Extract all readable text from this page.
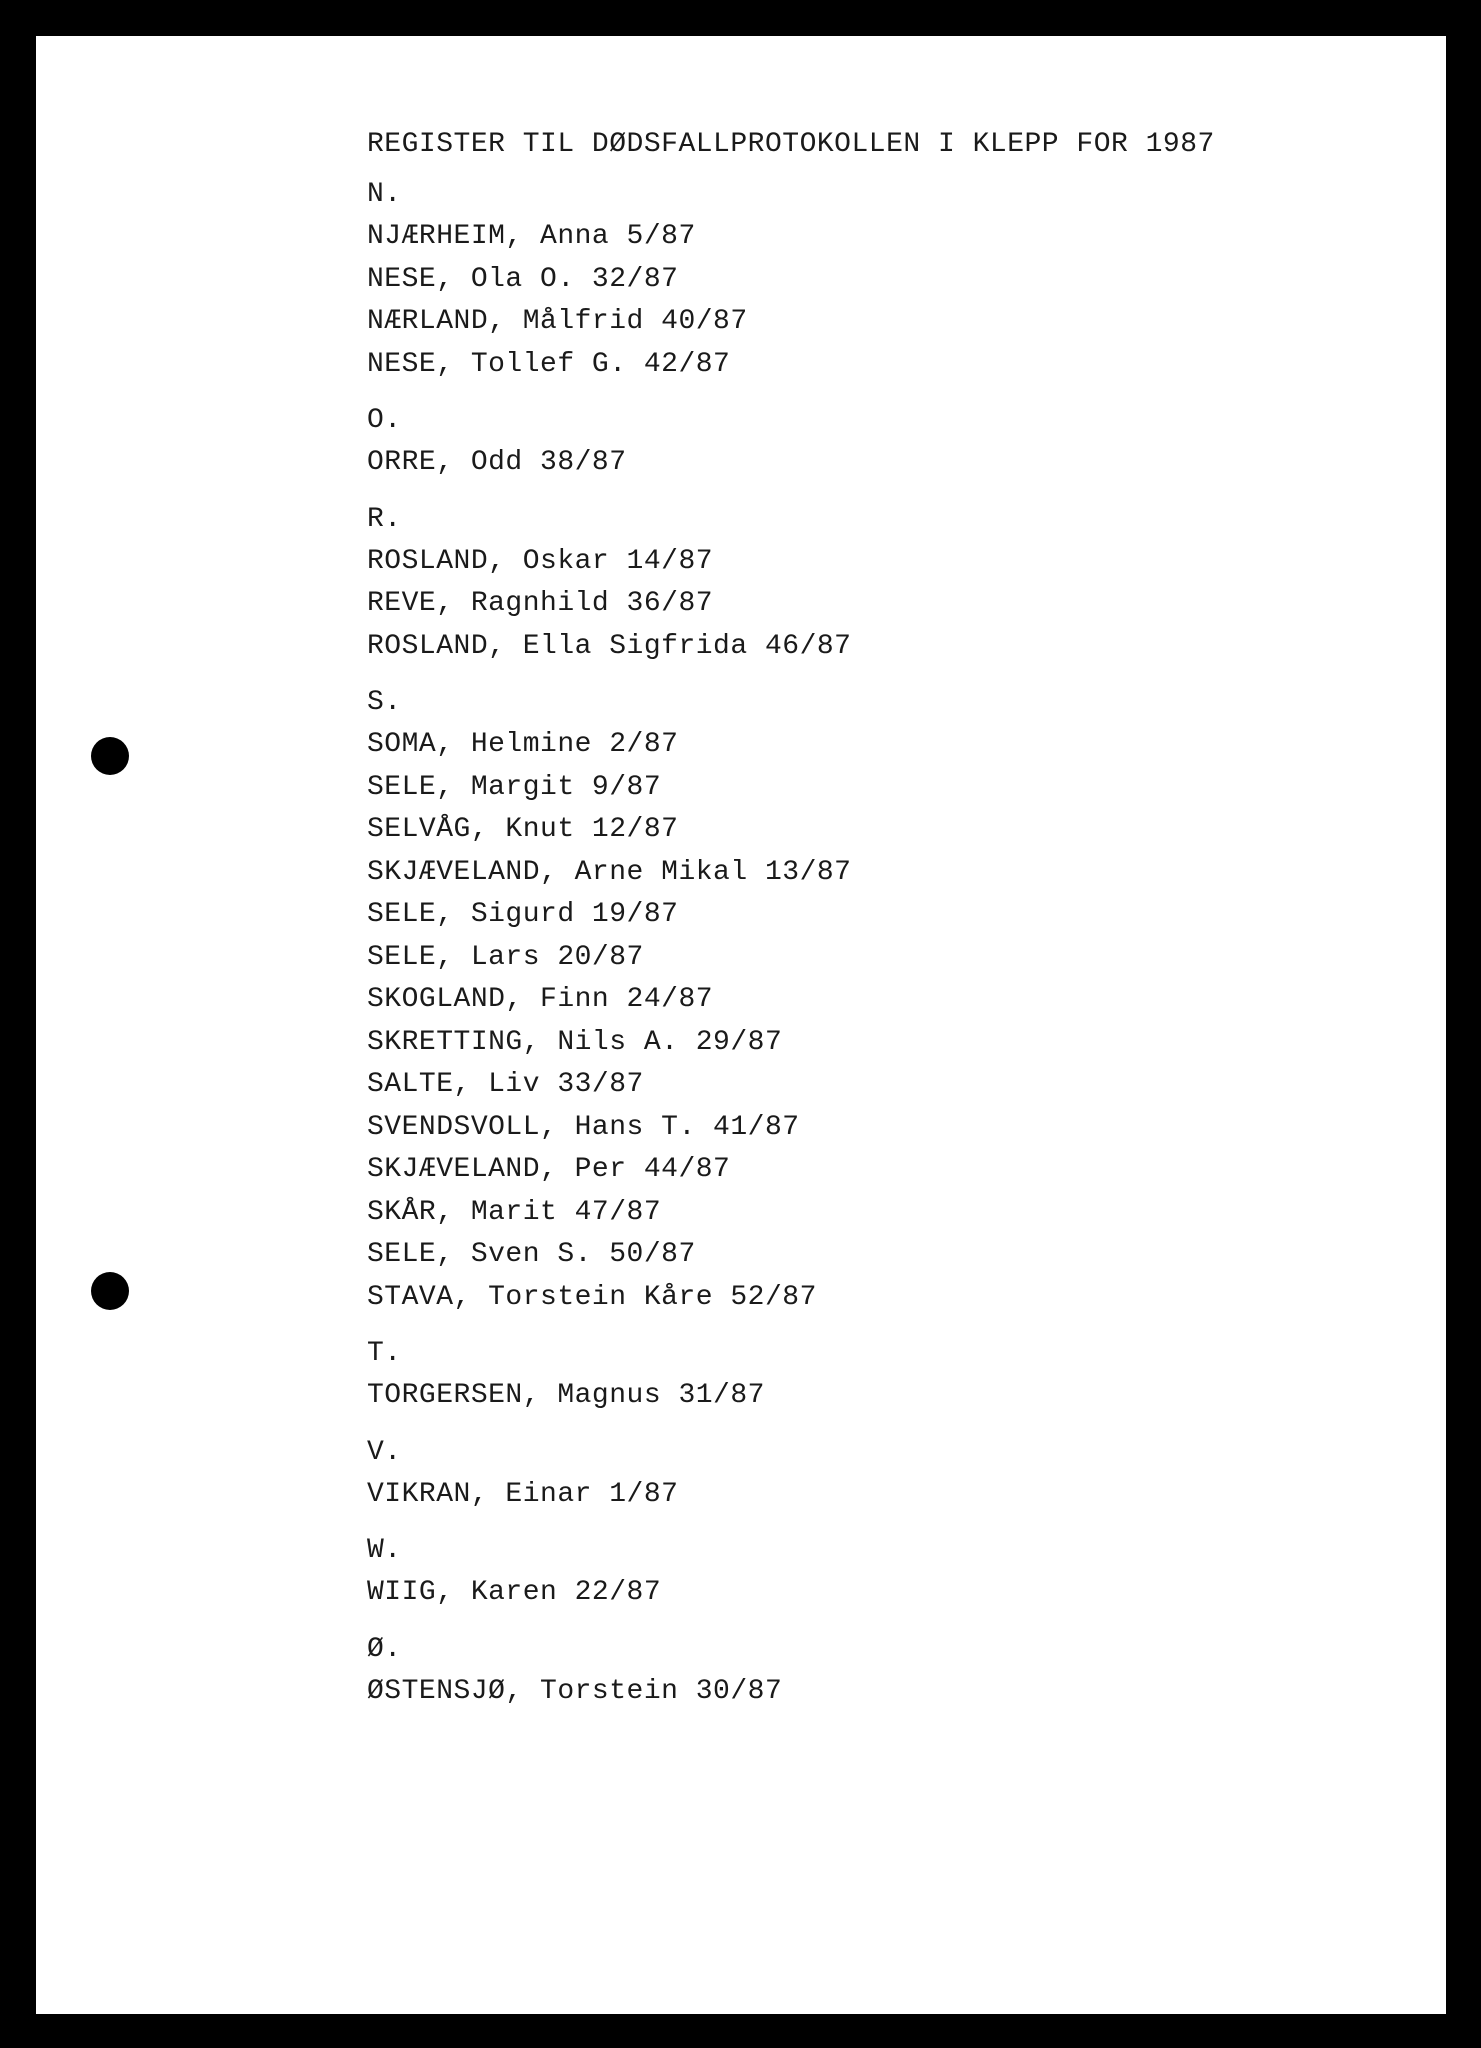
REGISTER TIL DØDSFALLPROTOKOLLEN I KLEPP FOR 1987
N.
NJÆRHEIM, Anna 5/87
NESE, Ola O. 32/87
NÆRLAND, Målfrid 40/87
NESE, Tollef G. 42/87
O.
ORRE, Odd 38/87
R.
ROSLAND, Oskar 14/87
REVE, Ragnhild 36/87
ROSLAND, Ella Sigfrida 46/87
S.
SOMA, Helmine 2/87
SELE, Margit 9/87
SELVÅG, Knut 12/87
SKJÆVELAND, Arne Mikal 13/87
SELE, Sigurd 19/87
SELE, Lars 20/87
SKOGLAND, Finn 24/87
SKRETTING, Nils A. 29/87
SALTE, Liv 33/87
SVENDSVOLL, Hans T. 41/87
SKJÆVELAND, Per 44/87
SKÅR, Marit 47/87
SELE, Sven S. 50/87
STAVA, Torstein Kåre 52/87
T.
TORGERSEN, Magnus 31/87
V.
VIKRAN, Einar 1/87
W.
WIIG, Karen 22/87
Ø.
ØSTENSJØ, Torstein 30/87
